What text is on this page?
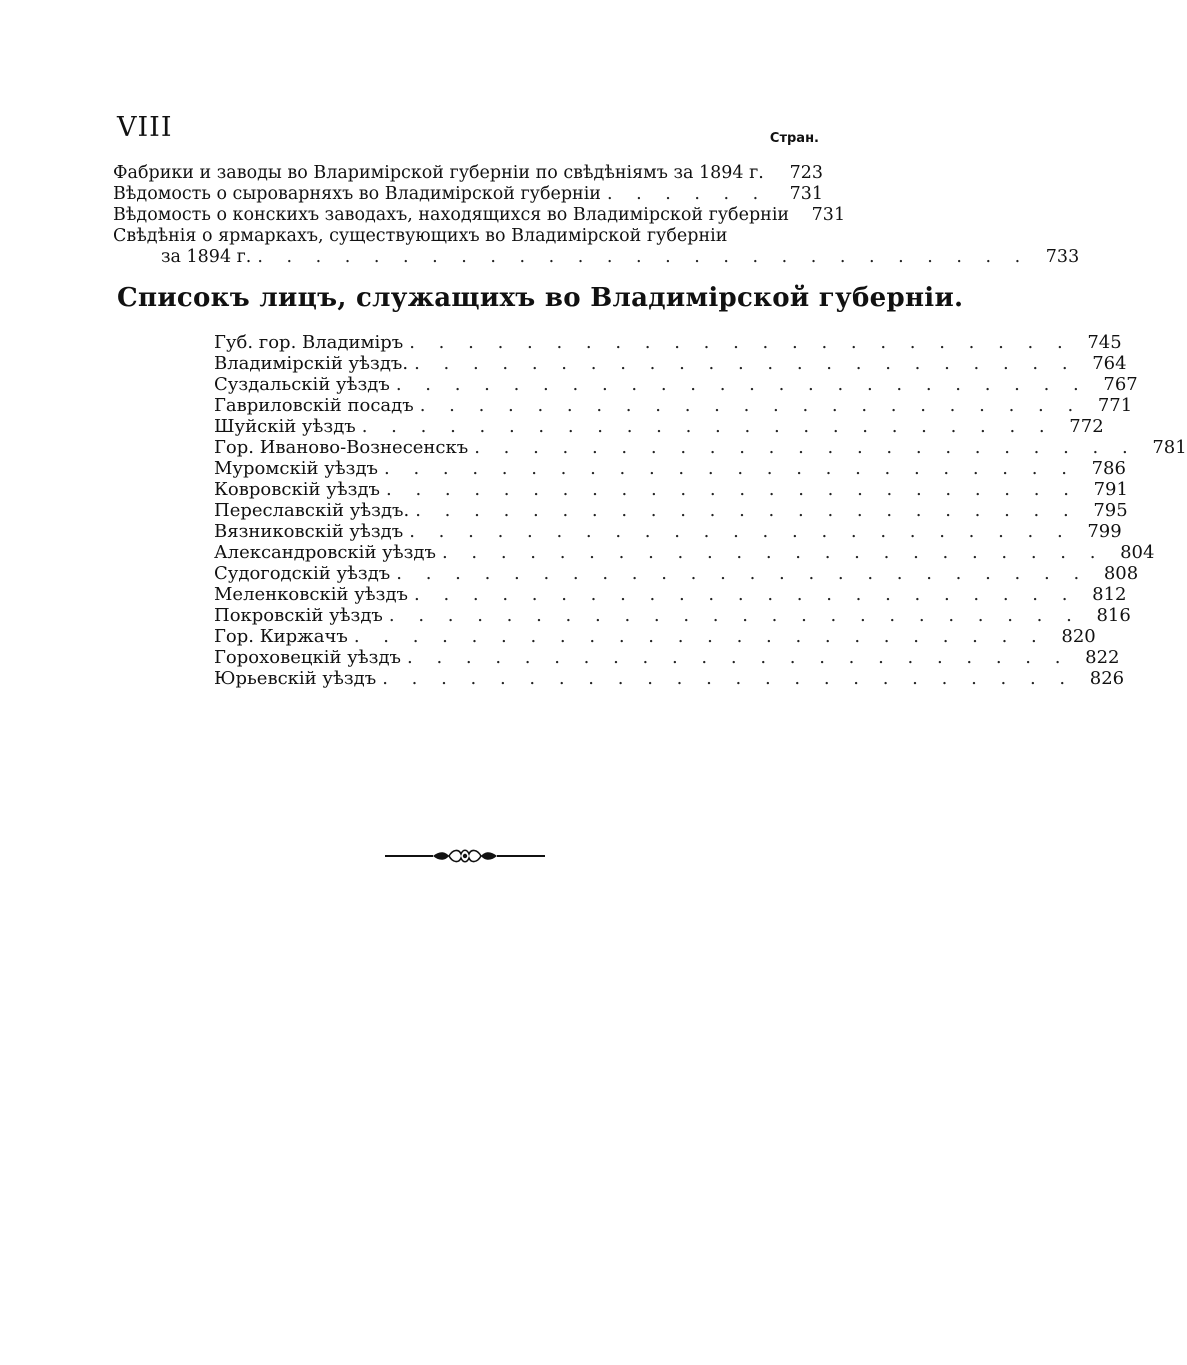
VIII	Стран.
Фабрики и заводы во Вларимірской губерніи по свѣдѣніямъ за 1894 г.	723
Вѣдомость о сыроварняхъ во Владимірской губерніи . . . . . .	731
Вѣдомость о конскихъ заводахъ, находящихся во Владимірской губерніи	731
Свѣдѣнія о ярмаркахъ, существующихъ во Владимірской губерніи
за 1894 г. . . . . . . . . . . . . . . . . . . . . . . . . . . . 733
Списокъ лицъ, служащихъ во Владимірской губерніи.
Губ. гор. Владиміръ . . . . . . . . . . . . . . . . . . . . . . . 745
Владимірскій уѣздъ. . . . . . . . . . . . . . . . . . . . . . . . 764
Суздальскій уѣздъ . . . . . . . . . . . . . . . . . . . . . . . . 767
Гавриловскій посадъ . . . . . . . . . . . . . . . . . . . . . . . 771
Шуйскій уѣздъ . . . . . . . . . . . . . . . . . . . . . . . . 772
Гор. Иваново-Вознесенскъ . . . . . . . . . . . . . . . . . . . . . . . 781
Муромскій уѣздъ . . . . . . . . . . . . . . . . . . . . . . . . 786
Ковровскій уѣздъ . . . . . . . . . . . . . . . . . . . . . . . . 791
Переславскій уѣздъ. . . . . . . . . . . . . . . . . . . . . . . . 795
Вязниковскій уѣздъ . . . . . . . . . . . . . . . . . . . . . . . 799
Александровскій уѣздъ . . . . . . . . . . . . . . . . . . . . . . . 804
Судогодскій уѣздъ . . . . . . . . . . . . . . . . . . . . . . . . 808
Меленковскій уѣздъ . . . . . . . . . . . . . . . . . . . . . . . 812
Покровскій уѣздъ . . . . . . . . . . . . . . . . . . . . . . . . 816
Гор. Киржачъ . . . . . . . . . . . . . . . . . . . . . . . . 820
Гороховецкій уѣздъ . . . . . . . . . . . . . . . . . . . . . . . 822
Юрьевскій уѣздъ . . . . . . . . . . . . . . . . . . . . . . . . 826
